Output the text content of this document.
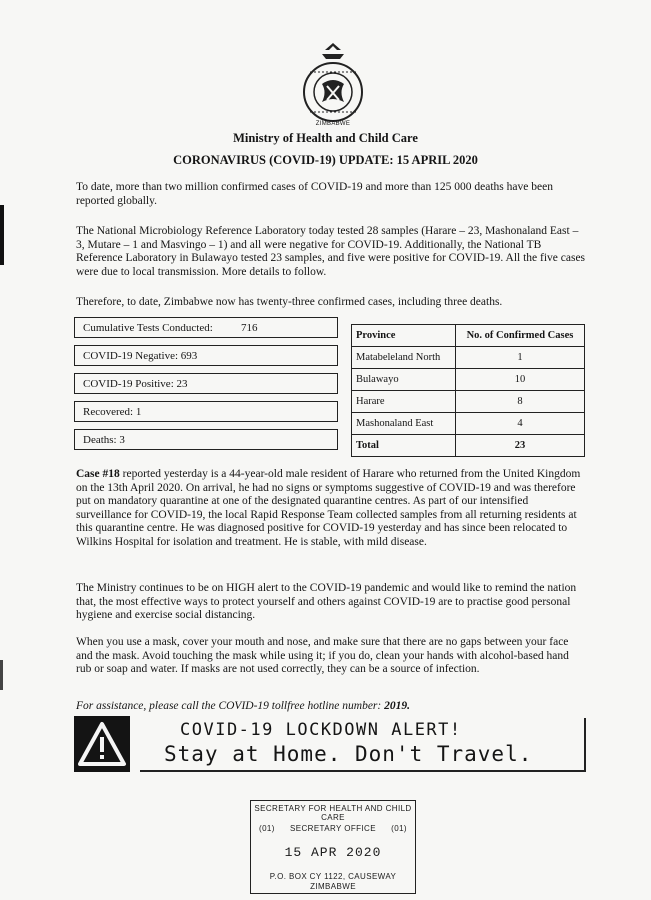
ZIMBABWE
Ministry of Health and Child Care
CORONAVIRUS (COVID-19) UPDATE: 15 APRIL 2020

To date, more than two million confirmed cases of COVID-19 and more than 125 000 deaths have been reported globally.

The National Microbiology Reference Laboratory today tested 28 samples (Harare – 23, Mashonaland East – 3, Mutare – 1 and Masvingo – 1) and all were negative for COVID-19. Additionally, the National TB Reference Laboratory in Bulawayo tested 23 samples, and five were positive for COVID-19. All the five cases were due to local transmission. More details to follow.

Therefore, to date, Zimbabwe now has twenty-three confirmed cases, including three deaths.

Cumulative Tests Conducted:	716
COVID-19 Negative: 693
COVID-19 Positive: 23
Recovered: 1
Deaths: 3
Province	No. of Confirmed Cases
Matabeleland North	1
Bulawayo	10
Harare	8
Mashonaland East	4
Total	23

Case #18 reported yesterday is a 44-year-old male resident of Harare who returned from the United Kingdom on the 13th April 2020. On arrival, he had no signs or symptoms suggestive of COVID-19 and was therefore put on mandatory quarantine at one of the designated quarantine centres. As part of our intensified surveillance for COVID-19, the local Rapid Response Team collected samples from all returning residents at this quarantine centre. He was diagnosed positive for COVID-19 yesterday and has since been relocated to Wilkins Hospital for isolation and treatment. He is stable, with mild disease.

The Ministry continues to be on HIGH alert to the COVID-19 pandemic and would like to remind the nation that, the most effective ways to protect yourself and others against COVID-19 are to practise good personal hygiene and exercise social distancing.

When you use a mask, cover your mouth and nose, and make sure that there are no gaps between your face and the mask. Avoid touching the mask while using it; if you do, clean your hands with alcohol-based hand rub or soap and water. If masks are not used correctly, they can be a source of infection.

For assistance, please call the COVID-19 tollfree hotline number: 2019.

COVID-19 LOCKDOWN ALERT!
Stay at Home. Don't Travel.
SECRETARY FOR HEALTH AND CHILD
CARE
(01) SECRETARY OFFICE (01)
15 APR 2020
P.O. BOX CY 1122, CAUSEWAY
ZIMBABWE
